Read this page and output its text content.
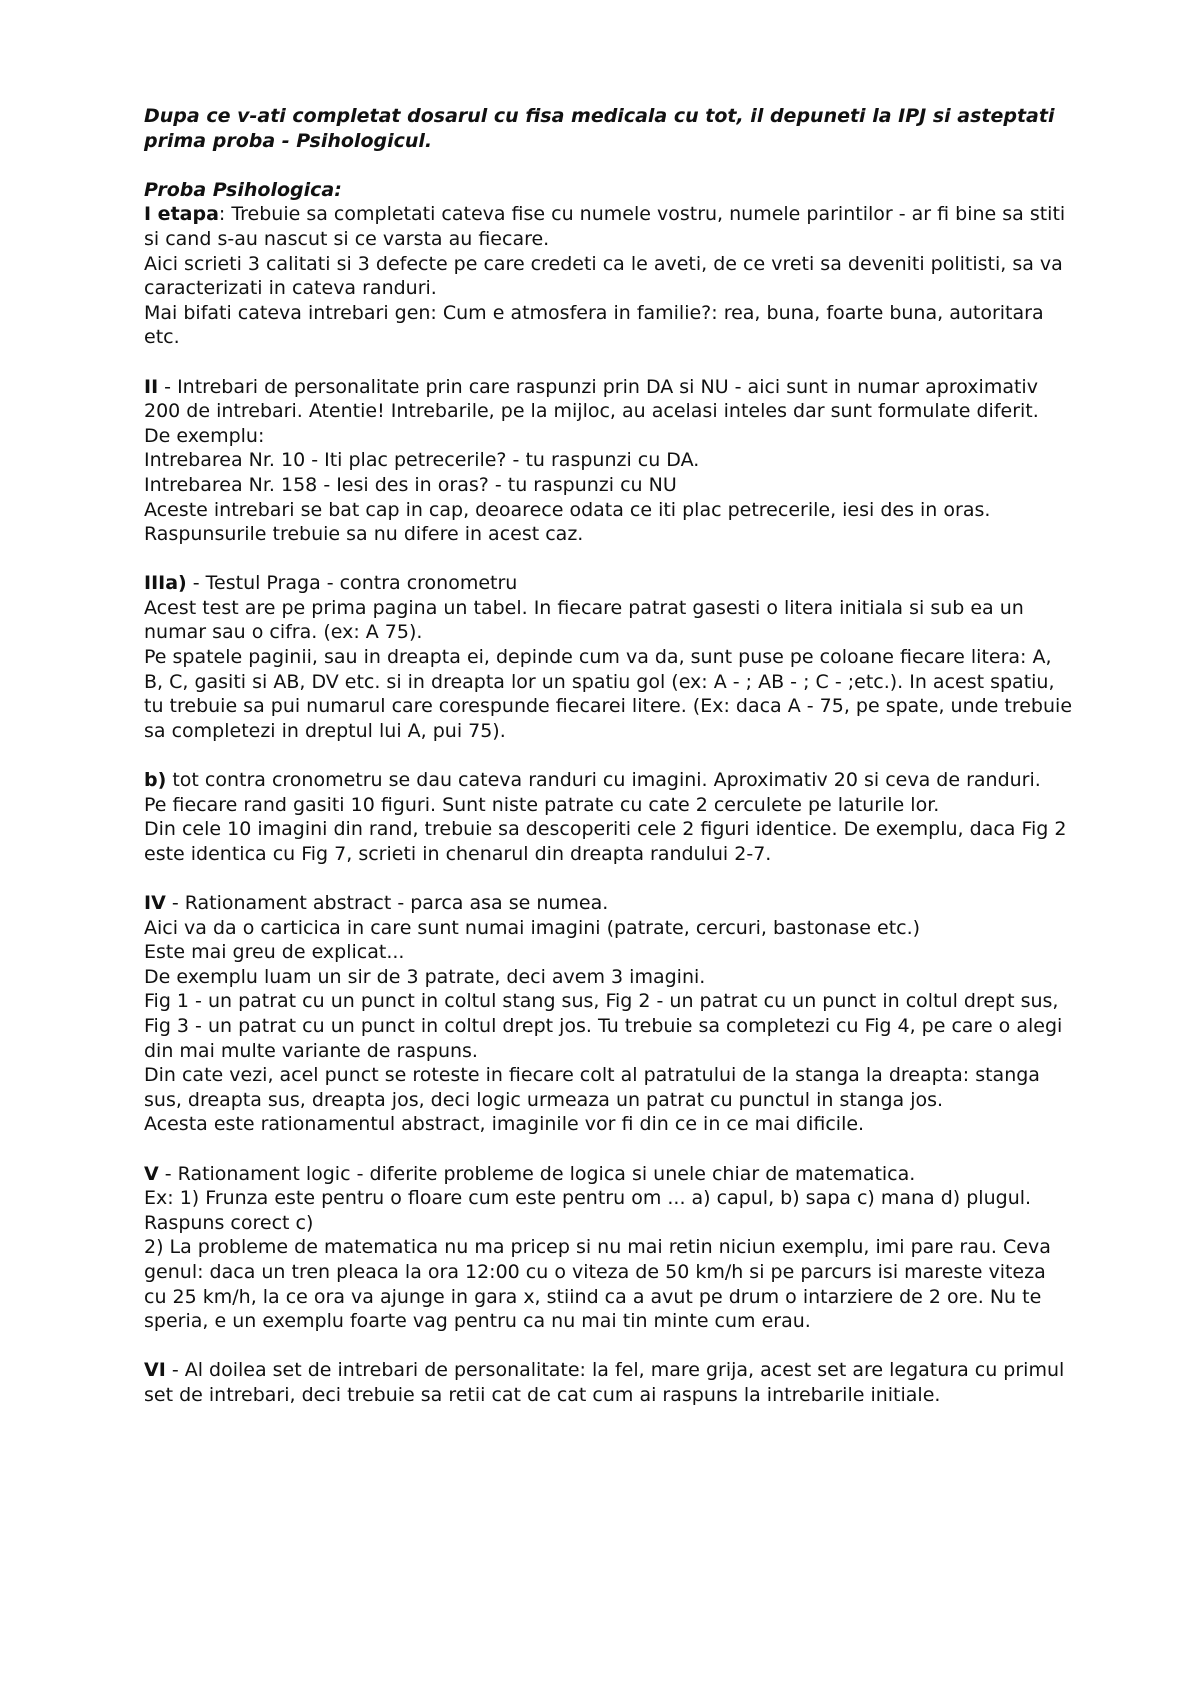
Dupa ce v-ati completat dosarul cu fisa medicala cu tot, il depuneti la IPJ si asteptati prima proba - Psihologicul.

Proba Psihologica:

I etapa: Trebuie sa completati cateva fise cu numele vostru, numele parintilor - ar fi bine sa stiti si cand s-au nascut si ce varsta au fiecare.

Aici scrieti 3 calitati si 3 defecte pe care credeti ca le aveti, de ce vreti sa deveniti politisti, sa va caracterizati in cateva randuri.

Mai bifati cateva intrebari gen: Cum e atmosfera in familie?: rea, buna, foarte buna, autoritara etc.

II - Intrebari de personalitate prin care raspunzi prin DA si NU - aici sunt in numar aproximativ 200 de intrebari. Atentie! Intrebarile, pe la mijloc, au acelasi inteles dar sunt formulate diferit.

De exemplu:

Intrebarea Nr. 10 - Iti plac petrecerile? - tu raspunzi cu DA.

Intrebarea Nr. 158 - Iesi des in oras? - tu raspunzi cu NU

Aceste intrebari se bat cap in cap, deoarece odata ce iti plac petrecerile, iesi des in oras. Raspunsurile trebuie sa nu difere in acest caz.

IIIa) - Testul Praga - contra cronometru

Acest test are pe prima pagina un tabel. In fiecare patrat gasesti o litera initiala si sub ea un numar sau o cifra. (ex: A 75).

Pe spatele paginii, sau in dreapta ei, depinde cum va da, sunt puse pe coloane fiecare litera: A, B, C, gasiti si AB, DV etc. si in dreapta lor un spatiu gol (ex: A - ; AB - ; C - ;etc.). In acest spatiu, tu trebuie sa pui numarul care corespunde fiecarei litere. (Ex: daca A - 75, pe spate, unde trebuie sa completezi in dreptul lui A, pui 75).

b) tot contra cronometru se dau cateva randuri cu imagini. Aproximativ 20 si ceva de randuri.

Pe fiecare rand gasiti 10 figuri. Sunt niste patrate cu cate 2 cerculete pe laturile lor.

Din cele 10 imagini din rand, trebuie sa descoperiti cele 2 figuri identice. De exemplu, daca Fig 2 este identica cu Fig 7, scrieti in chenarul din dreapta randului 2-7.

IV - Rationament abstract - parca asa se numea.

Aici va da o carticica in care sunt numai imagini (patrate, cercuri, bastonase etc.)

Este mai greu de explicat...

De exemplu luam un sir de 3 patrate, deci avem 3 imagini.

Fig 1 - un patrat cu un punct in coltul stang sus, Fig 2 - un patrat cu un punct in coltul drept sus, Fig 3 - un patrat cu un punct in coltul drept jos. Tu trebuie sa completezi cu Fig 4, pe care o alegi din mai multe variante de raspuns.

Din cate vezi, acel punct se roteste in fiecare colt al patratului de la stanga la dreapta: stanga sus, dreapta sus, dreapta jos, deci logic urmeaza un patrat cu punctul in stanga jos.

Acesta este rationamentul abstract, imaginile vor fi din ce in ce mai dificile.

V - Rationament logic - diferite probleme de logica si unele chiar de matematica.

Ex: 1) Frunza este pentru o floare cum este pentru om ... a) capul, b) sapa c) mana d) plugul. Raspuns corect c)

2) La probleme de matematica nu ma pricep si nu mai retin niciun exemplu, imi pare rau. Ceva genul: daca un tren pleaca la ora 12:00 cu o viteza de 50 km/h si pe parcurs isi mareste viteza cu 25 km/h, la ce ora va ajunge in gara x, stiind ca a avut pe drum o intarziere de 2 ore. Nu te speria, e un exemplu foarte vag pentru ca nu mai tin minte cum erau.

VI - Al doilea set de intrebari de personalitate: la fel, mare grija, acest set are legatura cu primul set de intrebari, deci trebuie sa retii cat de cat cum ai raspuns la intrebarile initiale.
